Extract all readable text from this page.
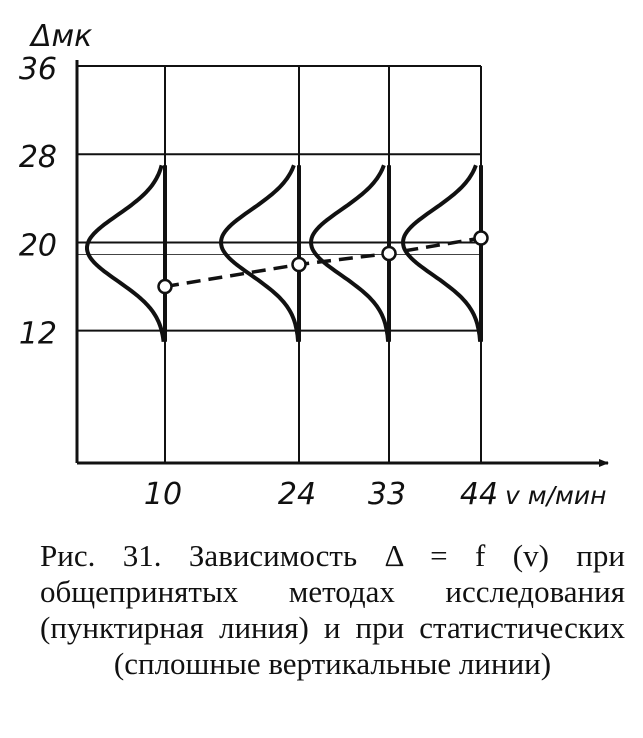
12
20
28
36
Δмк
10	24 33 44 v м/мин
Рис. 31. Зависимость Δ = f (v) при общепринятых методах исследования (пунктирная линия) и при статистических (сплошные вертикальные линии)
